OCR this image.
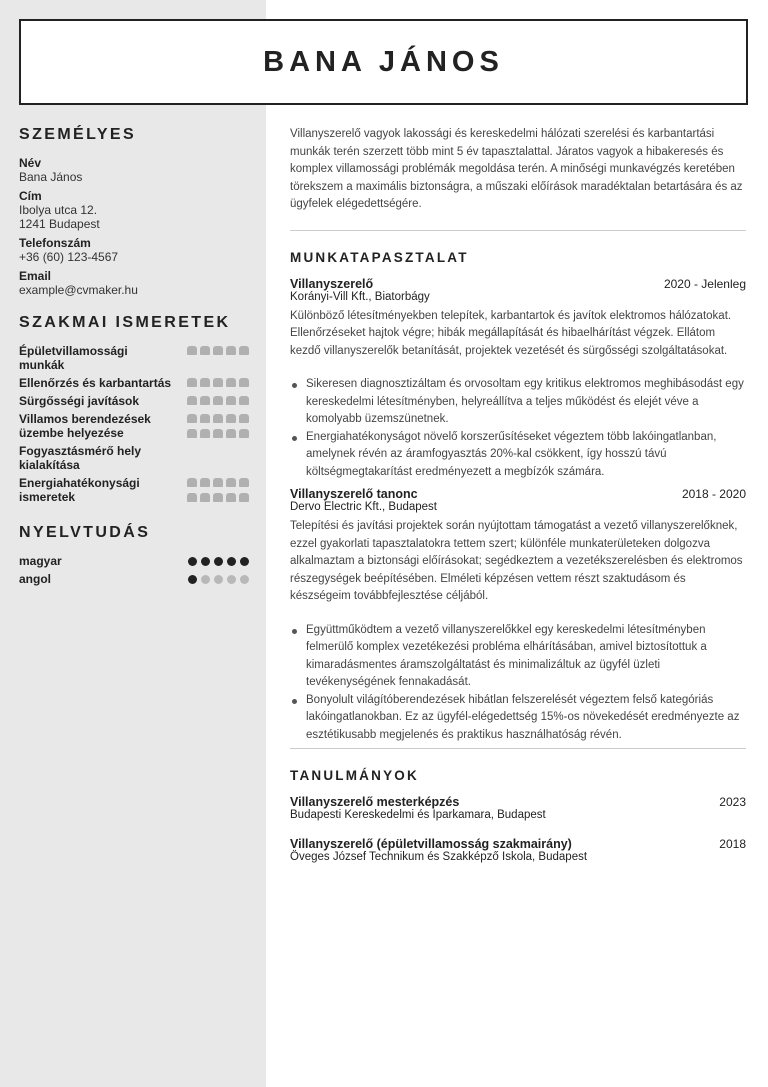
BANA JÁNOS
SZEMÉLYES
Név
Bana János
Cím
Ibolya utca 12.
1241 Budapest
Telefonszám
+36 (60) 123-4567
Email
example@cvmaker.hu
SZAKMAI ISMERETEK
Épületvillamossági munkák
Ellenőrzés és karbantartás
Sürgősségi javítások
Villamos berendezések üzembe helyezése
Fogyasztásmérő hely kialakítása
Energiahatékonysági ismeretek
NYELVTUDÁS
magyar
angol

Villanyszerelő vagyok lakossági és kereskedelmi hálózati szerelési és karbantartási munkák terén szerzett több mint 5 év tapasztalattal. Járatos vagyok a hibakeresés és komplex villamossági problémák megoldása terén. A minőségi munkavégzés keretében törekszem a maximális biztonságra, a műszaki előírások maradéktalan betartására és az ügyfelek elégedettségére.

MUNKATAPASZTALAT
Villanyszerelő	2020 - Jelenleg
Korányi-Vill Kft., Biatorbágy

Különböző létesítményekben telepítek, karbantartok és javítok elektromos hálózatokat. Ellenőrzéseket hajtok végre; hibák megállapítását és hibaelhárítást végzek. Ellátom kezdő villanyszerelők betanítását, projektek vezetését és sürgősségi szolgáltatásokat.

Sikeresen diagnosztizáltam és orvosoltam egy kritikus elektromos meghibásodást egy kereskedelmi létesítményben, helyreállítva a teljes működést és elejét véve a komolyabb üzemszünetnek.
Energiahatékonyságot növelő korszerűsítéseket végeztem több lakóingatlanban, amelynek révén az áramfogyasztás 20%-kal csökkent, így hosszú távú költségmegtakarítást eredményezett a megbízók számára.
Villanyszerelő tanonc	2018 - 2020
Dervo Electric Kft., Budapest

Telepítési és javítási projektek során nyújtottam támogatást a vezető villanyszerelőknek, ezzel gyakorlati tapasztalatokra tettem szert; különféle munkaterületeken dolgozva alkalmaztam a biztonsági előírásokat; segédkeztem a vezetékszerelésben és elektromos részegységek beépítésében. Elméleti képzésen vettem részt szaktudásom és készségeim továbbfejlesztése céljából.

Együttműködtem a vezető villanyszerelőkkel egy kereskedelmi létesítményben felmerülő komplex vezetékezési probléma elhárításában, amivel biztosítottuk a kimaradásmentes áramszolgáltatást és minimalizáltuk az ügyfél üzleti tevékenységének fennakadását.
Bonyolult világítóberendezések hibátlan felszerelését végeztem felső kategóriás lakóingatlanokban. Ez az ügyfél-elégedettség 15%-os növekedését eredményezte az esztétikusabb megjelenés és praktikus használhatóság révén.
TANULMÁNYOK
Villanyszerelő mesterképzés	2023
Budapesti Kereskedelmi és Iparkamara, Budapest
Villanyszerelő (épületvillamosság szakmairány)	2018
Öveges József Technikum és Szakképző Iskola, Budapest
